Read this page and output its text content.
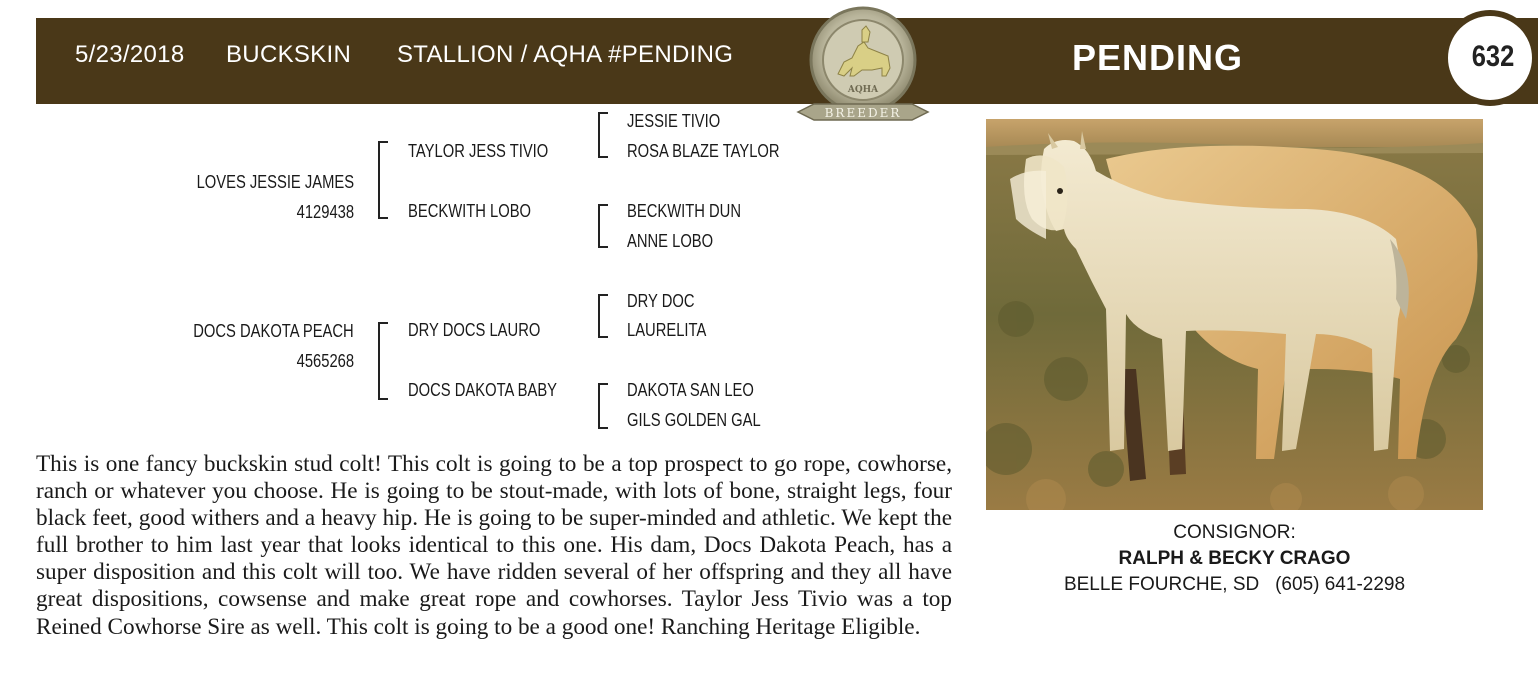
5/23/2018 BUCKSKIN STALLION / AQHA #PENDING	PENDING	632
AQHA
BREEDER
LOVES JESSIE JAMES
4129438
TAYLOR JESS TIVIO
BECKWITH LOBO
JESSIE TIVIO
ROSA BLAZE TAYLOR
BECKWITH DUN
ANNE LOBO
DOCS DAKOTA PEACH
4565268
DRY DOCS LAURO
DOCS DAKOTA BABY
DRY DOC
LAURELITA
DAKOTA SAN LEO
GILS GOLDEN GAL
This is one fancy buckskin stud colt! This colt is going to be a top prospect to go rope, cowhorse, ranch or whatever you choose. He is going to be stout-made, with lots of bone, straight legs, four black feet, good withers and a heavy hip. He is going to be super-minded and athletic. We kept the full brother to him last year that looks identical to this one. His dam, Docs Dakota Peach, has a super disposition and this colt will too. We have ridden several of her offspring and they all have great dispositions, cowsense and make great rope and cowhorses. Taylor Jess Tivio was a top Reined Cowhorse Sire as well. This colt is going to be a good one! Ranching Heritage Eligible.
CONSIGNOR:
RALPH & BECKY CRAGO
BELLE FOURCHE, SD (605) 641-2298
